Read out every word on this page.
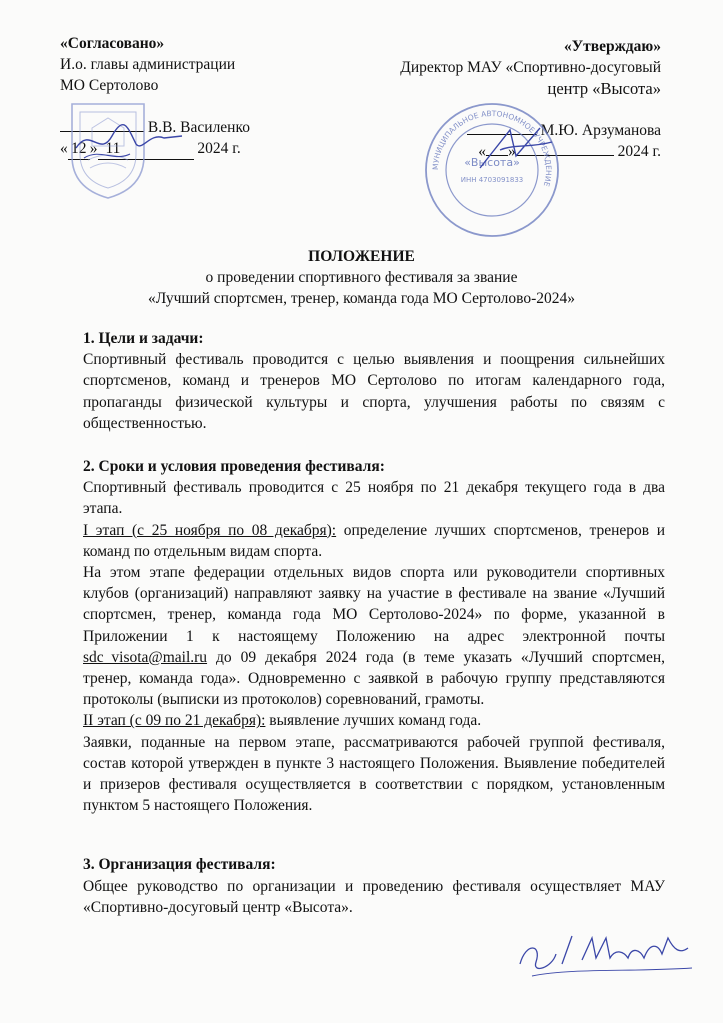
«Согласовано»
И.о. главы администрации
МО Сертолово
В.В. Василенко
« 12 » 11	2024 г.
«Утверждаю»
Директор МАУ «Спортивно-досуговый
центр «Высота»
М.Ю. Арзуманова
« »	2024 г.
МУНИЦИПАЛЬНОЕ АВТОНОМНОЕ УЧРЕЖДЕНИЕ
«Высота»
ИНН 4703091833
ПОЛОЖЕНИЕ
о проведении спортивного фестиваля за звание
«Лучший спортсмен, тренер, команда года МО Сертолово-2024»

1. Цели и задачи:

Спортивный фестиваль проводится с целью выявления и поощрения сильнейших спортсменов, команд и тренеров МО Сертолово по итогам календарного года, пропаганды физической культуры и спорта, улучшения работы по связям с общественностью.

2. Сроки и условия проведения фестиваля:

Спортивный фестиваль проводится с 25 ноября по 21 декабря текущего года в два этапа.

I этап (с 25 ноября по 08 декабря): определение лучших спортсменов, тренеров и команд по отдельным видам спорта.

На этом этапе федерации отдельных видов спорта или руководители спортивных клубов (организаций) направляют заявку на участие в фестивале на звание «Лучший спортсмен, тренер, команда года МО Сертолово-2024» по форме, указанной в Приложении 1 к настоящему Положению на адрес электронной почты sdc_visota@mail.ru до 09 декабря 2024 года (в теме указать «Лучший спортсмен, тренер, команда года». Одновременно с заявкой в рабочую группу представляются протоколы (выписки из протоколов) соревнований, грамоты.

II этап (с 09 по 21 декабря): выявление лучших команд года.

Заявки, поданные на первом этапе, рассматриваются рабочей группой фестиваля, состав которой утвержден в пункте 3 настоящего Положения. Выявление победителей и призеров фестиваля осуществляется в соответствии с порядком, установленным пунктом 5 настоящего Положения.

3. Организация фестиваля:

Общее руководство по организации и проведению фестиваля осуществляет МАУ «Спортивно-досуговый центр «Высота».
